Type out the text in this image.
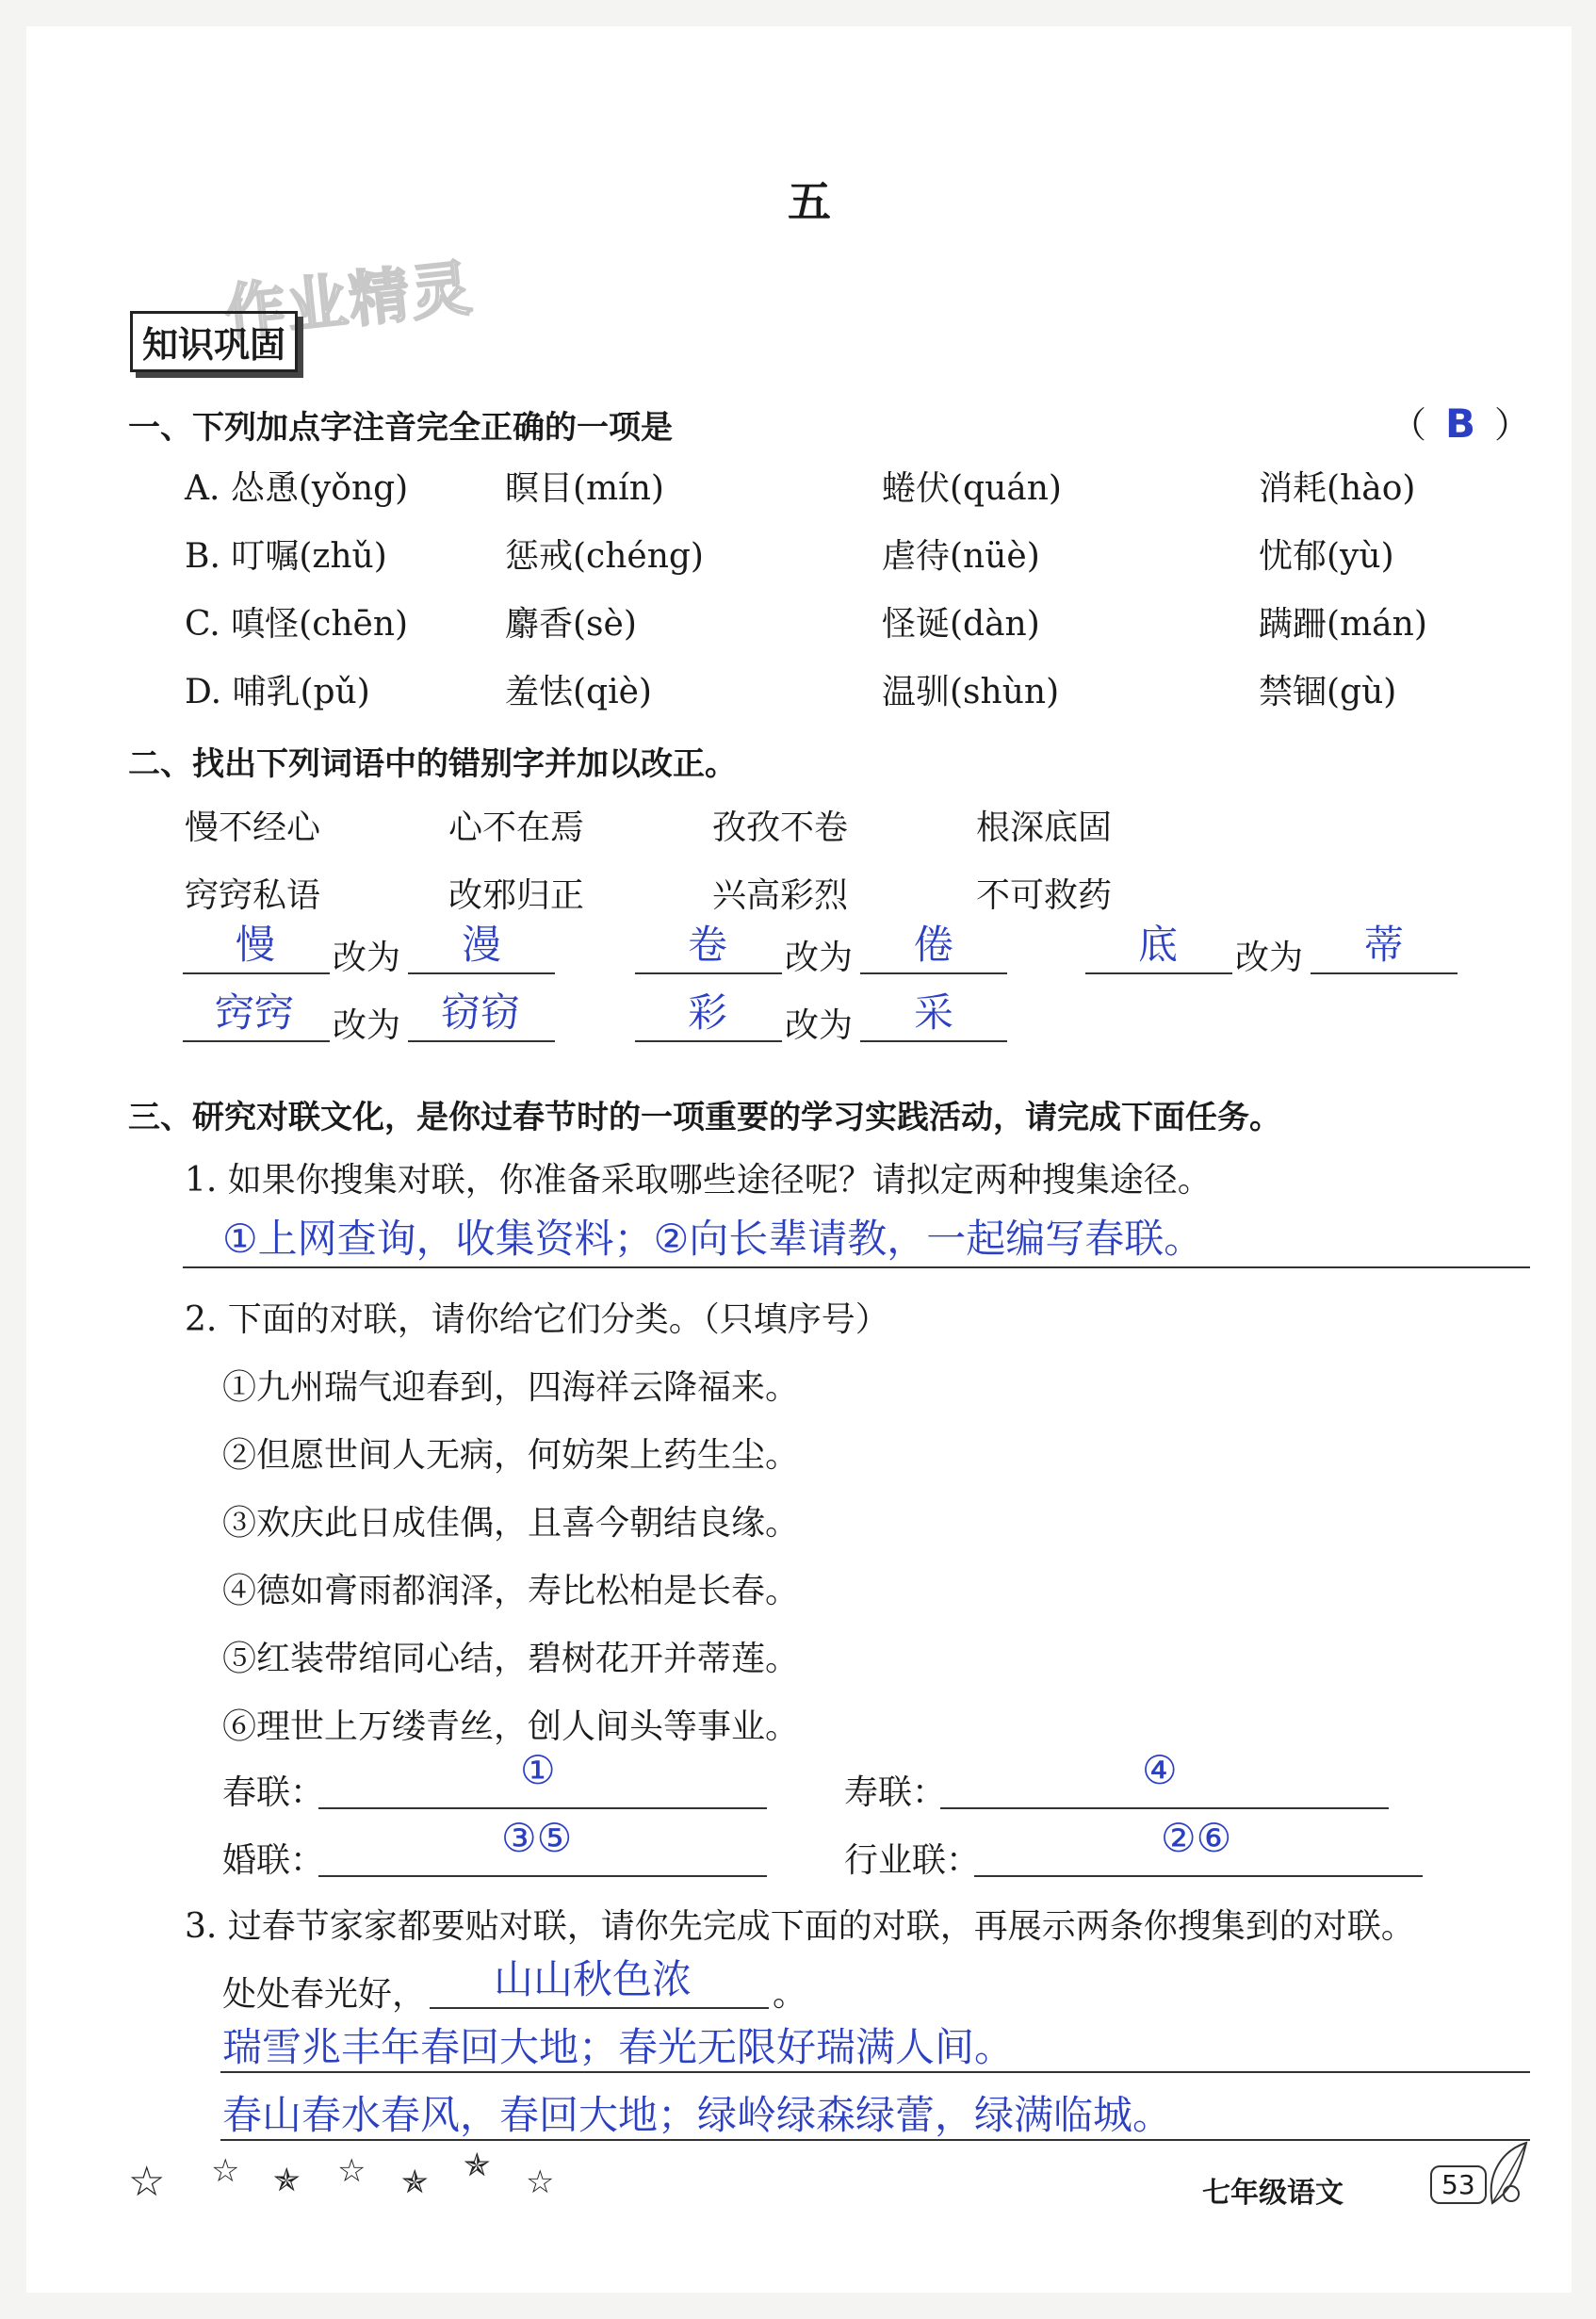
五
作业精灵
知识巩固
一、下列加点字注音完全正确的一项是	（ B ）
A. 怂恿(yǒng)	瞑目(mín)	蜷伏(quán)	消耗(hào)
B. 叮嘱(zhǔ)	惩戒(chéng)	虐待(nüè)	忧郁(yù)
C. 嗔怪(chēn)	麝香(sè)	怪诞(dàn)	蹒跚(mán)
D. 哺乳(pǔ)	羞怯(qiè)	温驯(shùn)	禁锢(gù)
二、找出下列词语中的错别字并加以改正。
慢不经心	心不在焉	孜孜不卷	根深底固
窍窍私语	改邪归正	兴高彩烈	不可救药
慢 改为 漫	卷 改为 倦	底 改为 蒂
窍窍 改为 窃窃	彩 改为 采
三、研究对联文化，是你过春节时的一项重要的学习实践活动，请完成下面任务。
1. 如果你搜集对联，你准备采取哪些途径呢？请拟定两种搜集途径。
①上网查询，收集资料；②向长辈请教，一起编写春联。
2. 下面的对联，请你给它们分类。（只填序号）
①九州瑞气迎春到，四海祥云降福来。
②但愿世间人无病，何妨架上药生尘。
③欢庆此日成佳偶，且喜今朝结良缘。
④德如膏雨都润泽，寿比松柏是长春。
⑤红装带绾同心结，碧树花开并蒂莲。
⑥理世上万缕青丝，创人间头等事业。
春联：	①	寿联：	④
婚联：	③⑤	行业联：	②⑥
3. 过春节家家都要贴对联，请你先完成下面的对联，再展示两条你搜集到的对联。
处处春光好， 山山秋色浓 。
瑞雪兆丰年春回大地；春光无限好瑞满人间。
春山春水春风，春回大地；绿岭绿森绿蕾，绿满临城。
☆ ☆ ✯ ☆ ✯ ✯ ☆	七年级语文	53
